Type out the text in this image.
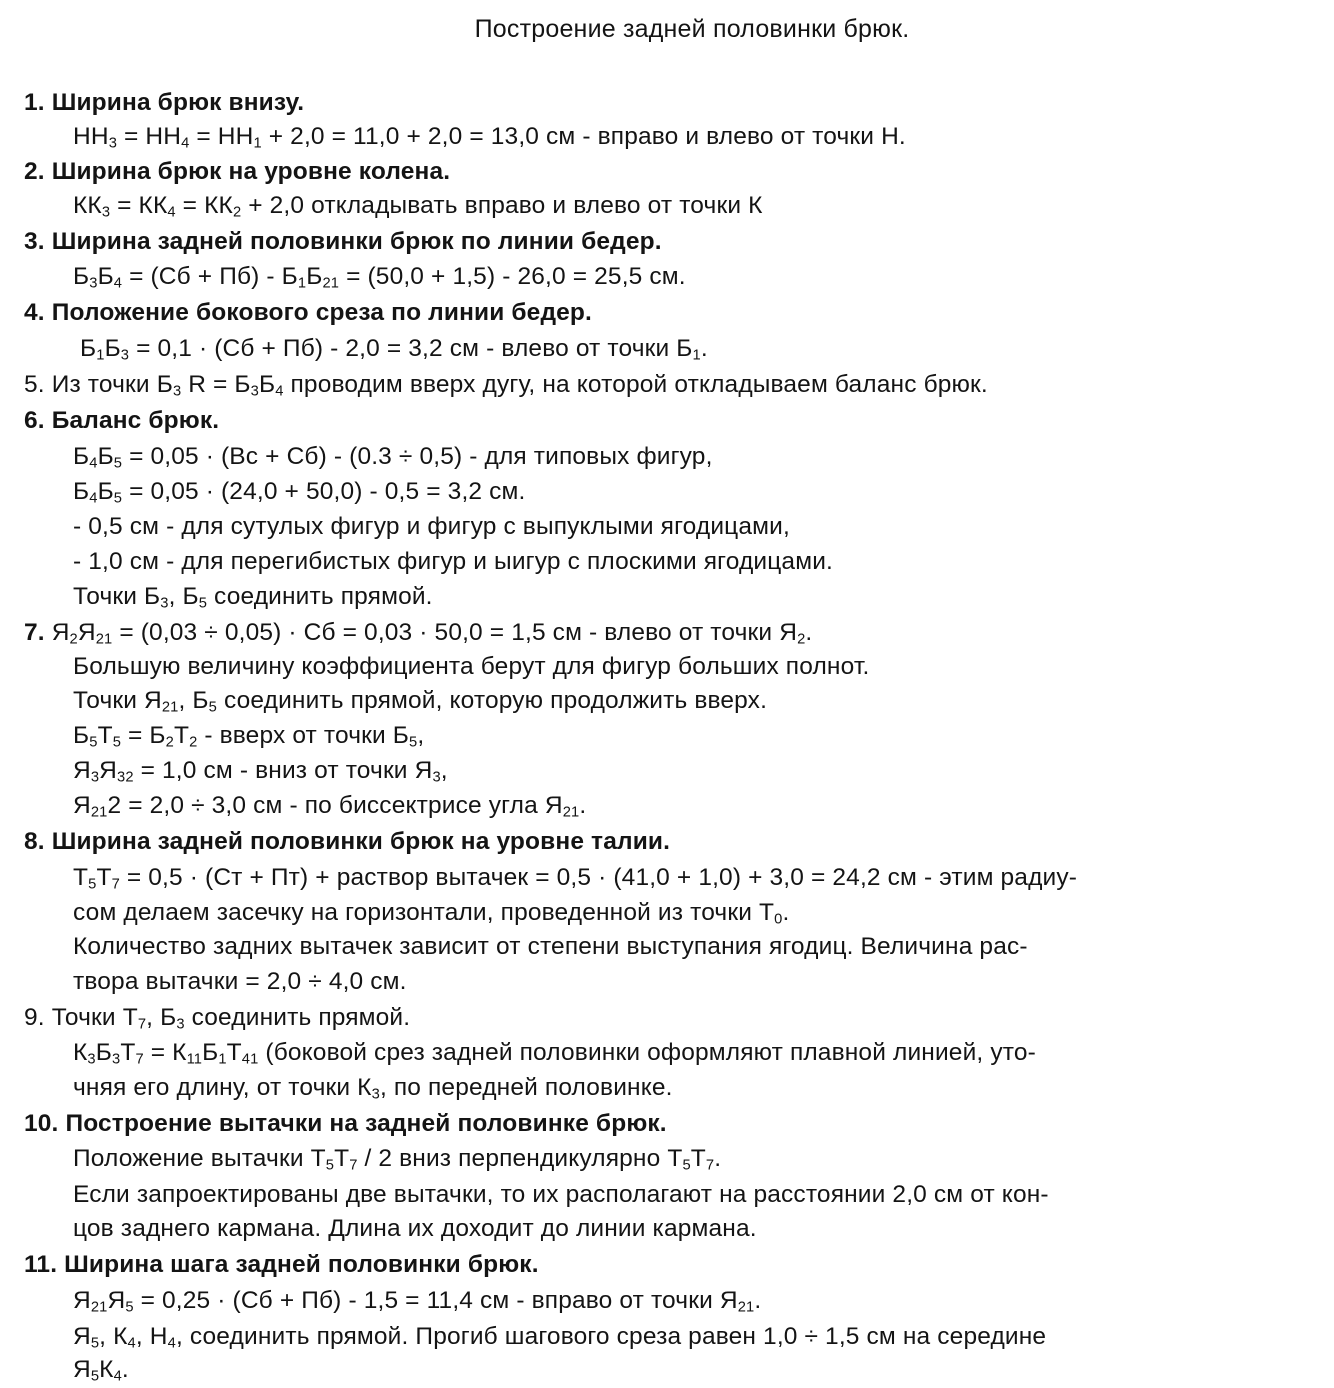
Построение задней половинки брюк.
1. Ширина брюк внизу.
$НН_3 = НН_4 = НН_1 + 2,0 = 11,0 + 2,0 = 13,0$ см - вправо и влево от точки Н.
2. Ширина брюк на уровне колена.
$КК_3 = КК_4 = КК_2 + 2,0$ откладывать вправо и влево от точки К
3. Ширина задней половинки брюк по линии бедер.
$Б_3Б_4 = (Сб + Пб) - Б_1Б_{21} = (50,0 + 1,5) - 26,0 = 25,5$ см.
4. Положение бокового среза по линии бедер.
$Б_1Б_3 = 0,1 \cdot (Сб + Пб) - 2,0 = 3,2$ см - влево от точки $Б_1$.
5. Из точки $Б_3$ $R = Б_3Б_4$ проводим вверх дугу, на которой откладываем баланс брюк.
6. Баланс брюк.
$Б_4Б_5 = 0,05 \cdot (Вс + Сб) - (0.3 \div 0,5)$ - для типовых фигур,
$Б_4Б_5 = 0,05 \cdot (24,0 + 50,0) - 0,5 = 3,2$ см.
- 0,5 см - для сутулых фигур и фигур с выпуклыми ягодицами,
- 1,0 см - для перегибистых фигур и ыигур с плоскими ягодицами.
Точки $Б_3$, $Б_5$ соединить прямой.
7. $Я_2Я_{21} = (0,03 \div 0,05)$ · Сб = 0,03 · 50,0 = 1,5 см - влево от точки $Я_2$.
Большую величину коэффициента берут для фигур больших полнот.
Точки $Я_{21}$, $Б_5$ соединить прямой, которую продолжить вверх.
$Б_5Т_5 = Б_2Т_2$ - вверх от точки $Б_5$,
$Я_3Я_{32} = 1,0$ см - вниз от точки $Я_3$,
$Я_{21}2 = 2,0 \div 3,0$ см - по биссектрисе угла $Я_{21}$.
8. Ширина задней половинки брюк на уровне талии.
$Т_5Т_7 = 0,5 \cdot (Ст + Пт)$ + раствор вытачек = 0,5 · (41,0 + 1,0) + 3,0 = 24,2 см - этим радиу-
сом делаем засечку на горизонтали, проведенной из точки $Т_0$.
Количество задних вытачек зависит от степени выступания ягодиц. Величина рас-
твора вытачки = 2,0 ÷ 4,0 см.
9. Точки $Т_7$, $Б_3$ соединить прямой.
$К_3Б_3Т_7 = К_{11}Б_1Т_{41}$ (боковой срез задней половинки оформляют плавной линией, уто-
чняя его длину, от точки $К_3$, по передней половинке.
10. Построение вытачки на задней половинке брюк.
Положение вытачки $Т_5Т_7 / 2$ вниз перпендикулярно $Т_5Т_7$.
Если запроектированы две вытачки, то их располагают на расстоянии 2,0 см от кон-
цов заднего кармана. Длина их доходит до линии кармана.
11. Ширина шага задней половинки брюк.
$Я_{21}Я_5 = 0,25 \cdot (Сб + Пб) - 1,5 = 11,4$ см - вправо от точки $Я_{21}$.
$Я_5$, $К_4$, $Н_4$, соединить прямой. Прогиб шагового среза равен 1,0 ÷ 1,5 см на середине
$Я_5К_4$.
